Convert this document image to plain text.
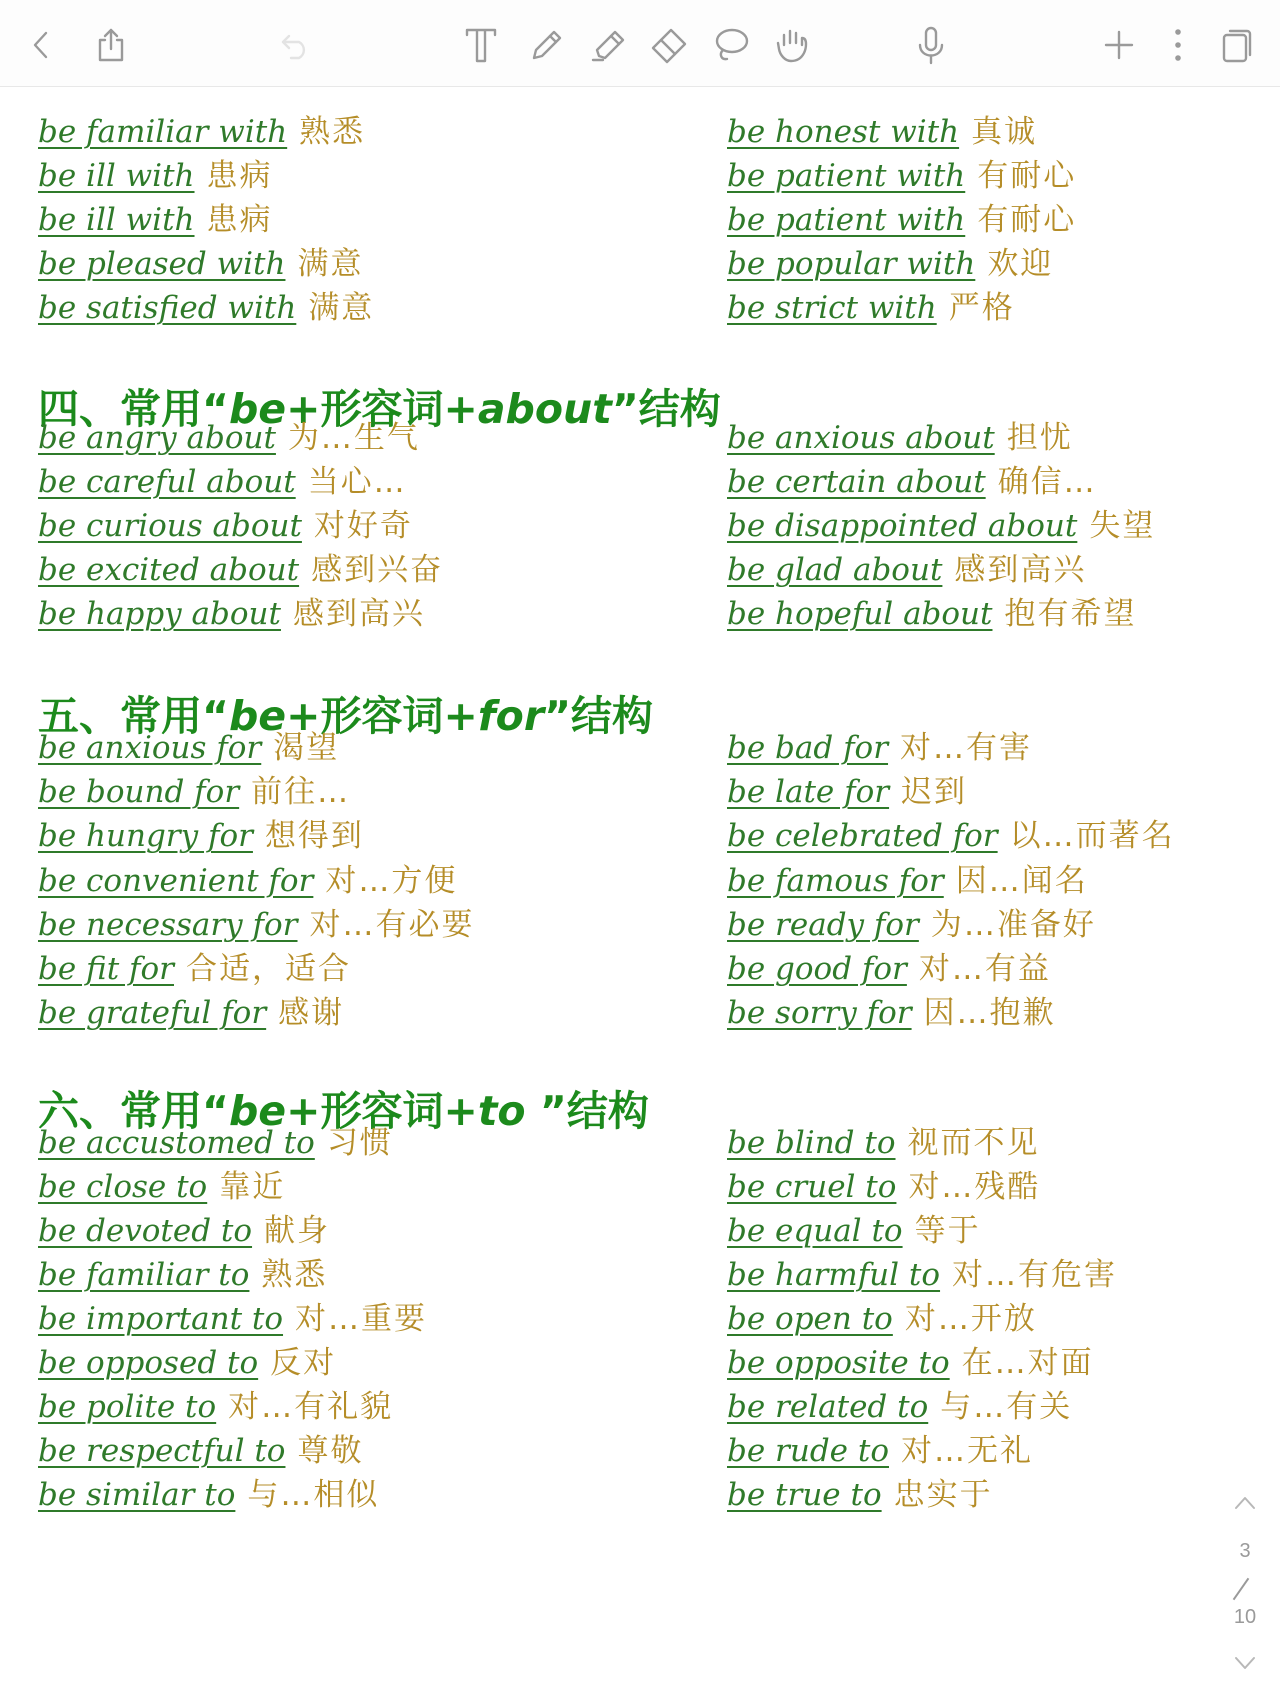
be familiar with 熟悉
be ill with 患病
be ill with 患病
be pleased with 满意
be satisfied with 满意
be honest with 真诚
be patient with 有耐心
be patient with 有耐心
be popular with 欢迎
be strict with 严格
四、常用“be+形容词+about”结构
be angry about 为…生气
be careful about 当心…
be curious about 对好奇
be excited about 感到兴奋
be happy about 感到高兴
be anxious about 担忧
be certain about 确信…
be disappointed about 失望
be glad about 感到高兴
be hopeful about 抱有希望
五、常用“be+形容词+for”结构
be anxious for 渴望
be bound for 前往…
be hungry for 想得到
be convenient for 对…方便
be necessary for 对…有必要
be fit for 合适，适合
be grateful for 感谢
be bad for 对…有害
be late for 迟到
be celebrated for 以…而著名
be famous for 因…闻名
be ready for 为…准备好
be good for 对…有益
be sorry for 因…抱歉
六、常用“be+形容词+to ”结构
be accustomed to 习惯
be close to 靠近
be devoted to 献身
be familiar to 熟悉
be important to 对…重要
be opposed to 反对
be polite to 对…有礼貌
be respectful to 尊敬
be similar to 与…相似
be blind to 视而不见
be cruel to 对…残酷
be equal to 等于
be harmful to 对…有危害
be open to 对…开放
be opposite to 在…对面
be related to 与…有关
be rude to 对…无礼
be true to 忠实于
3
10
